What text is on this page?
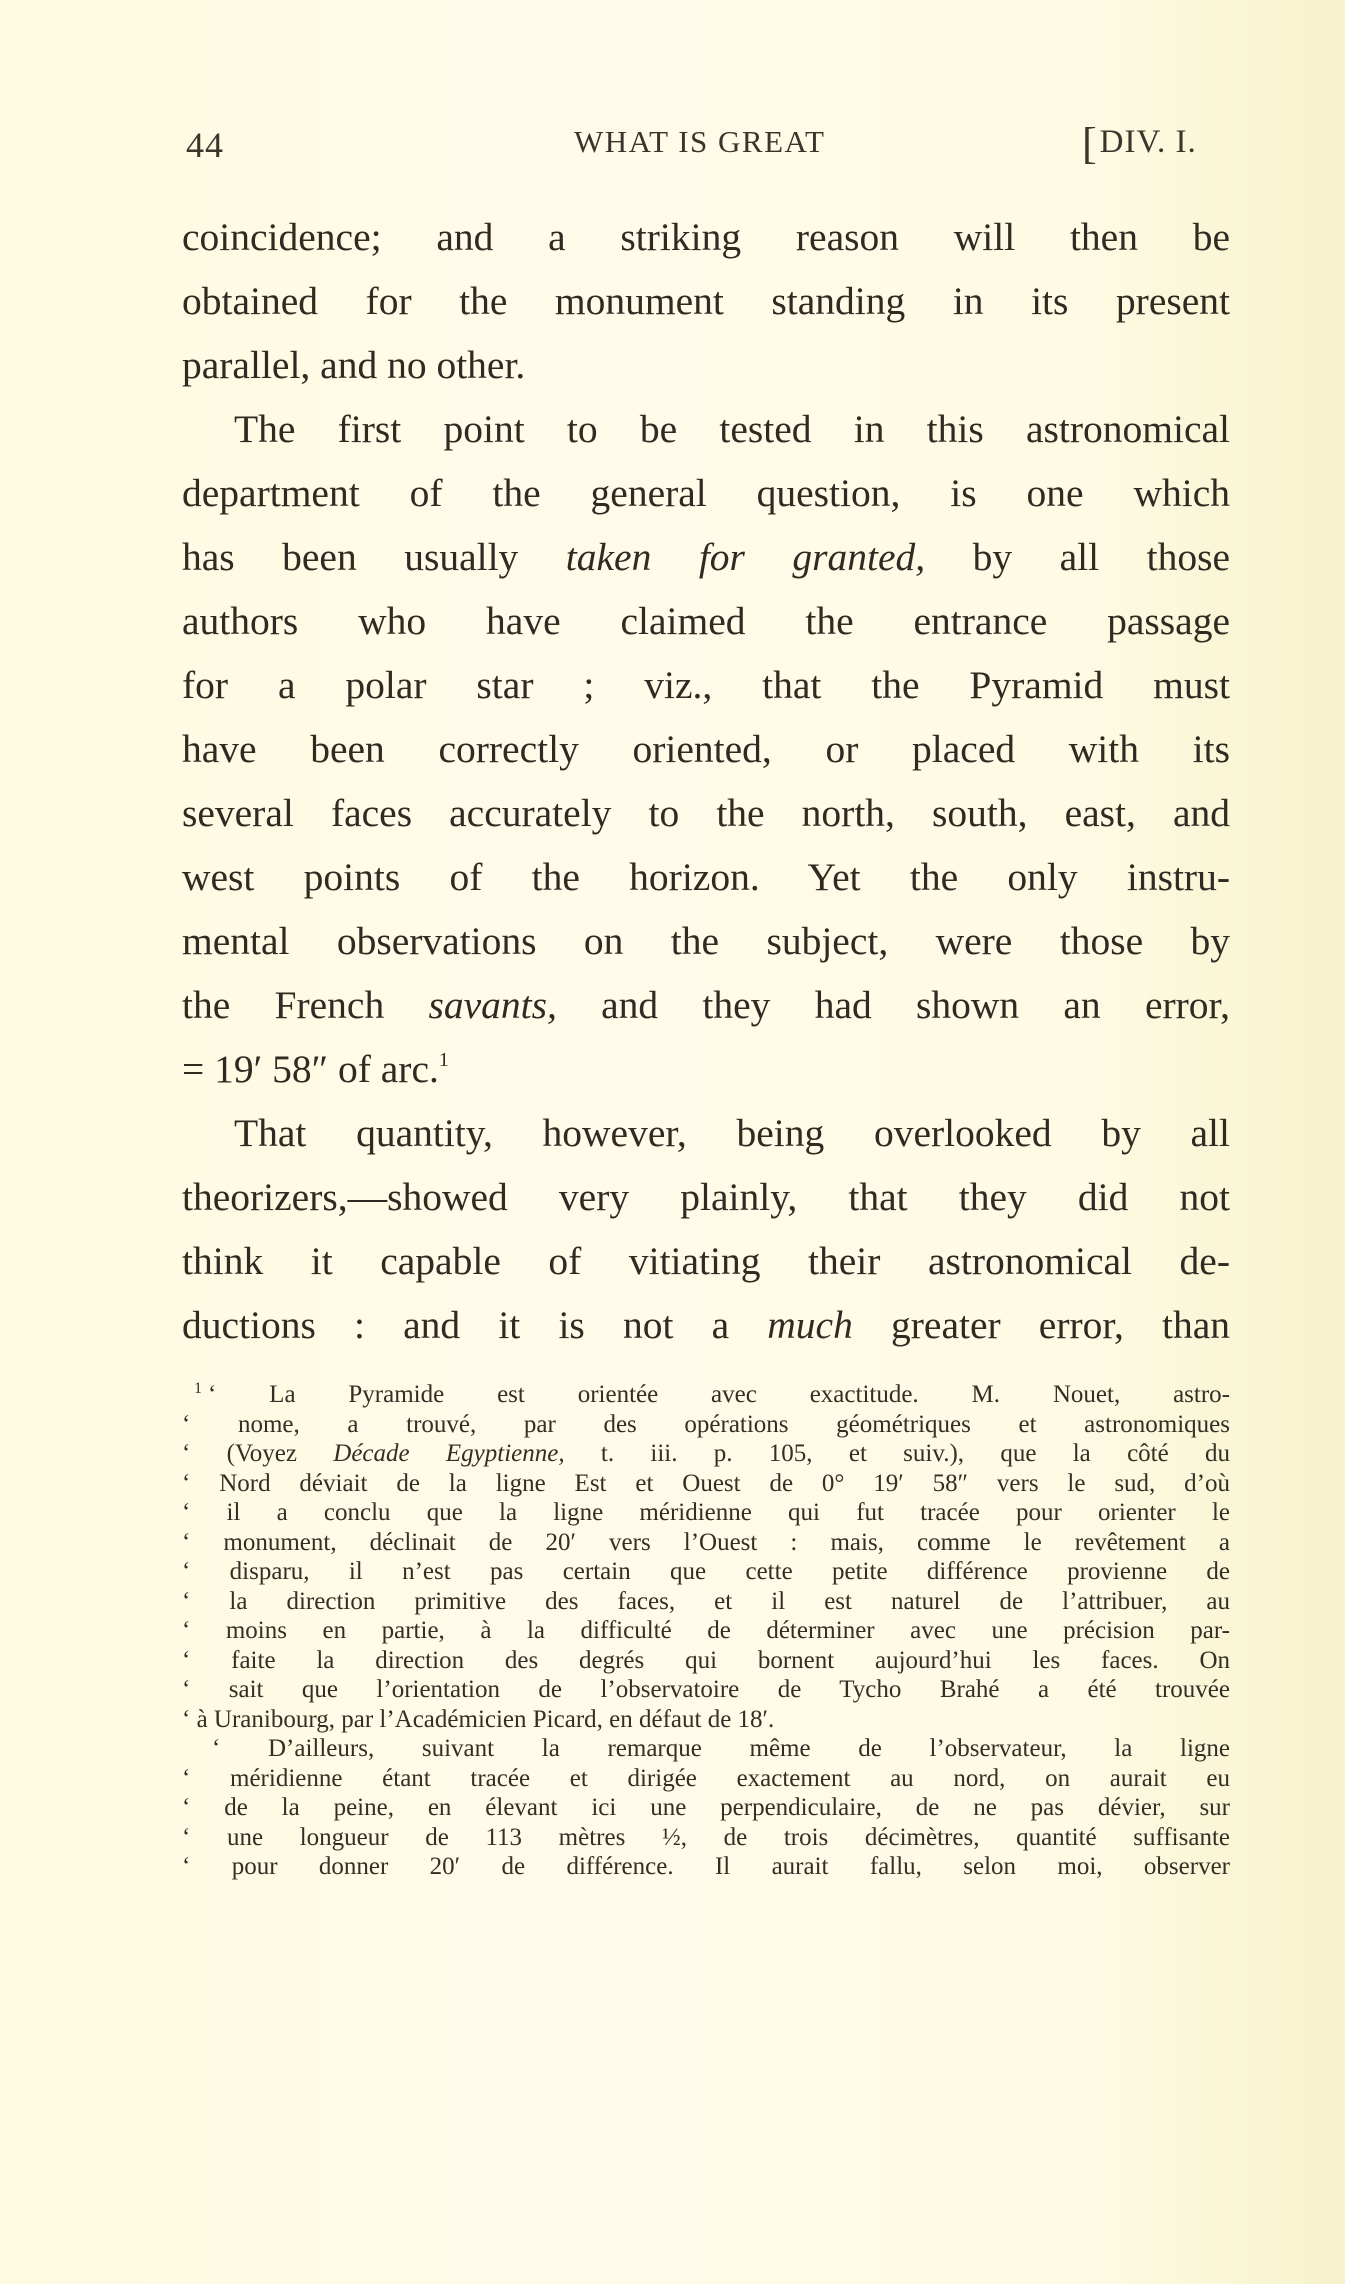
44	WHAT IS GREAT	[DIV. I.
coincidence; and a striking reason will then be
obtained for the monument standing in its present
parallel, and no other.
The first point to be tested in this astronomical
department of the general question, is one which
has been usually taken for granted, by all those
authors who have claimed the entrance passage
for a polar star ; viz., that the Pyramid must
have been correctly oriented, or placed with its
several faces accurately to the north, south, east, and
west points of the horizon. Yet the only instru-
mental observations on the subject, were those by
the French savants, and they had shown an error,
= 19′ 58″ of arc.$^1$
That quantity, however, being overlooked by all
theorizers,—showed very plainly, that they did not
think it capable of vitiating their astronomical de-
ductions : and it is not a much greater error, than
$^1$ ‘ La Pyramide est orientée avec exactitude. M. Nouet, astro-
‘ nome, a trouvé, par des opérations géométriques et astronomiques
‘ (Voyez Décade Egyptienne, t. iii. p. 105, et suiv.), que la côté du
‘ Nord déviait de la ligne Est et Ouest de 0° 19′ 58″ vers le sud, d’où
‘ il a conclu que la ligne méridienne qui fut tracée pour orienter le
‘ monument, déclinait de 20′ vers l’Ouest : mais, comme le revêtement a
‘ disparu, il n’est pas certain que cette petite différence provienne de
‘ la direction primitive des faces, et il est naturel de l’attribuer, au
‘ moins en partie, à la difficulté de déterminer avec une précision par-
‘ faite la direction des degrés qui bornent aujourd’hui les faces. On
‘ sait que l’orientation de l’observatoire de Tycho Brahé a été trouvée
‘ à Uranibourg, par l’Académicien Picard, en défaut de 18′.
‘ D’ailleurs, suivant la remarque même de l’observateur, la ligne
‘ méridienne étant tracée et dirigée exactement au nord, on aurait eu
‘ de la peine, en élevant ici une perpendiculaire, de ne pas dévier, sur
‘ une longueur de 113 mètres ½, de trois décimètres, quantité suffisante
‘ pour donner 20′ de différence. Il aurait fallu, selon moi, observer
